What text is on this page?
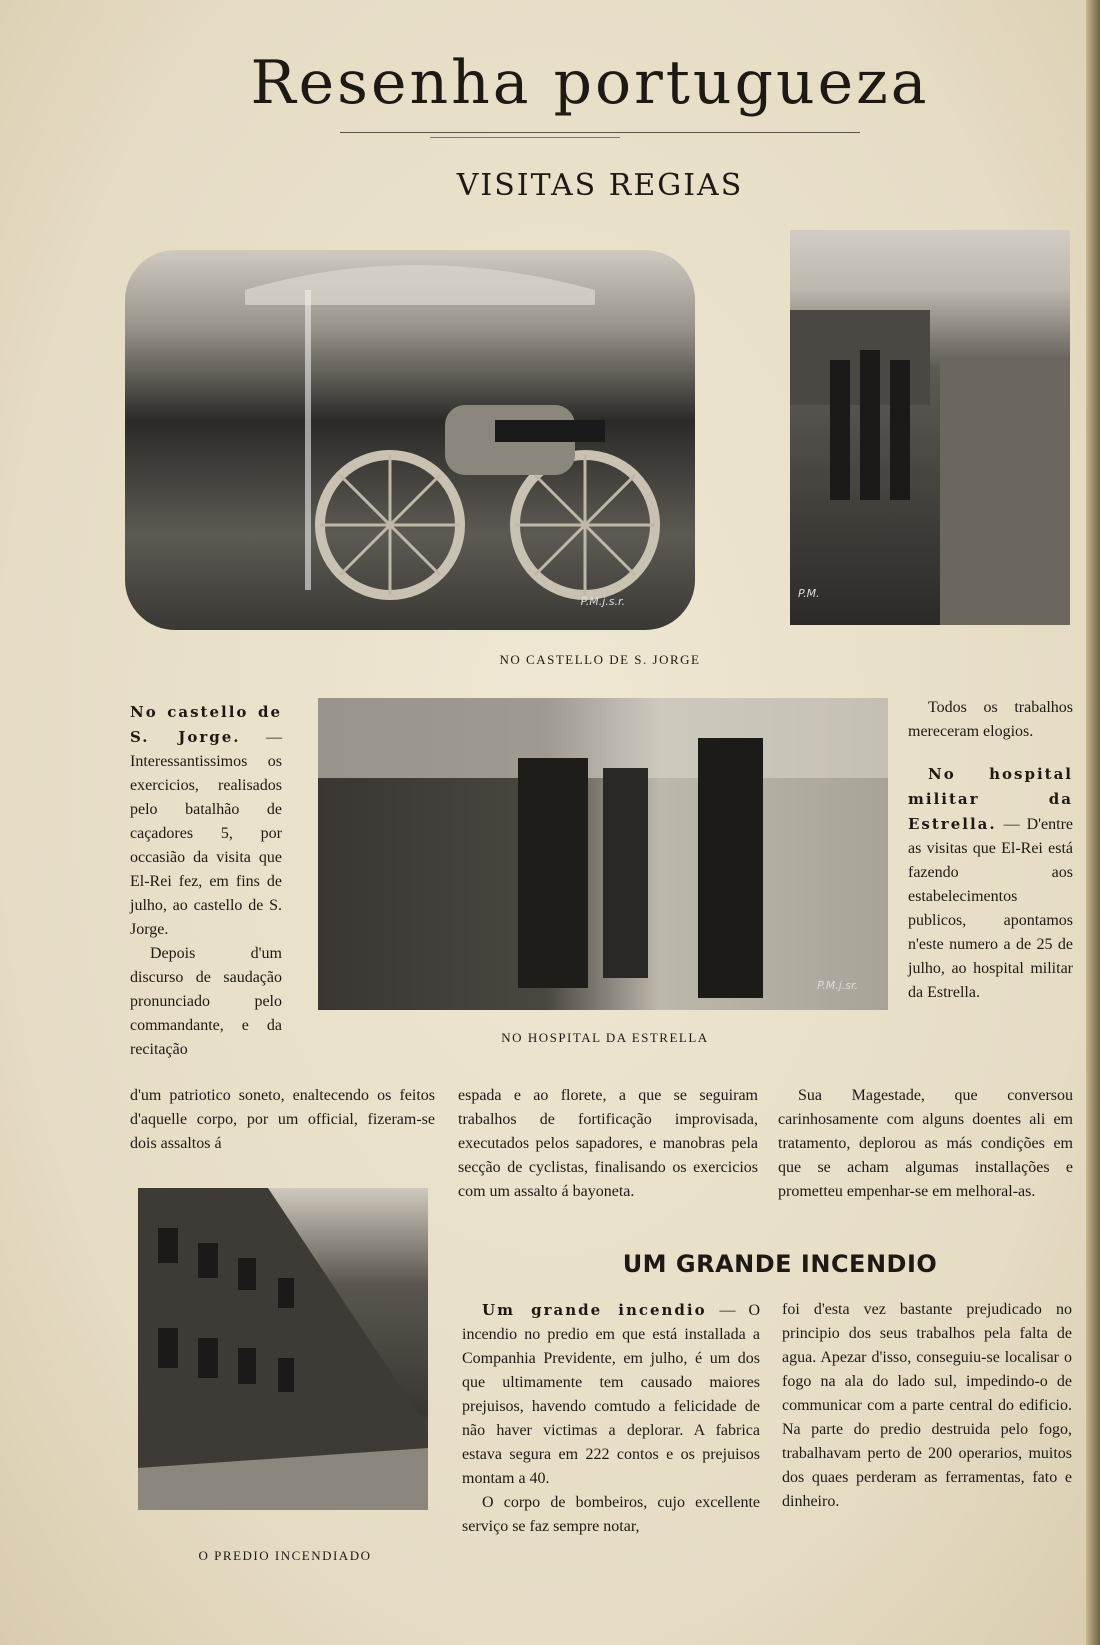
Resenha portugueza
VISITAS REGIAS
P.M.j.s.r.
P.M.
NO CASTELLO DE S. JORGE
P.M.j.sr.
NO HOSPITAL DA ESTRELLA

No castello de S. Jorge. — Interessantissimos os exercicios, realisados pelo batalhão de caçadores 5, por occasião da visita que El-Rei fez, em fins de julho, ao castello de S. Jorge.

Depois d'um discurso de saudação pronunciado pelo commandante, e da recitação

d'um patriotico soneto, enaltecendo os feitos d'aquelle corpo, por um official, fizeram-se dois assaltos á

espada e ao florete, a que se seguiram trabalhos de fortificação improvisada, executados pelos sapadores, e manobras pela secção de cyclistas, finalisando os exercicios com um assalto á bayoneta.

Todos os trabalhos mereceram elogios.

No hospital militar da Estrella. — D'entre as visitas que El-Rei está fazendo aos estabelecimentos publicos, apontamos n'este numero a de 25 de julho, ao hospital militar da Estrella.

Sua Magestade, que conversou carinhosamente com alguns doentes ali em tratamento, deplorou as más condições em que se acham algumas installações e prometteu empenhar-se em melhoral-as.

O PREDIO INCENDIADO
UM GRANDE INCENDIO

Um grande incendio — O incendio no predio em que está installada a Companhia Previdente, em julho, é um dos que ultimamente tem causado maiores prejuisos, havendo comtudo a felicidade de não haver victimas a deplorar. A fabrica estava segura em 222 contos e os prejuisos montam a 40.

O corpo de bombeiros, cujo excellente serviço se faz sempre notar,

foi d'esta vez bastante prejudicado no principio dos seus trabalhos pela falta de agua. Apezar d'isso, conseguiu-se localisar o fogo na ala do lado sul, impedindo-o de communicar com a parte central do edificio. Na parte do predio destruida pelo fogo, trabalhavam perto de 200 operarios, muitos dos quaes perderam as ferramentas, fato e dinheiro.
